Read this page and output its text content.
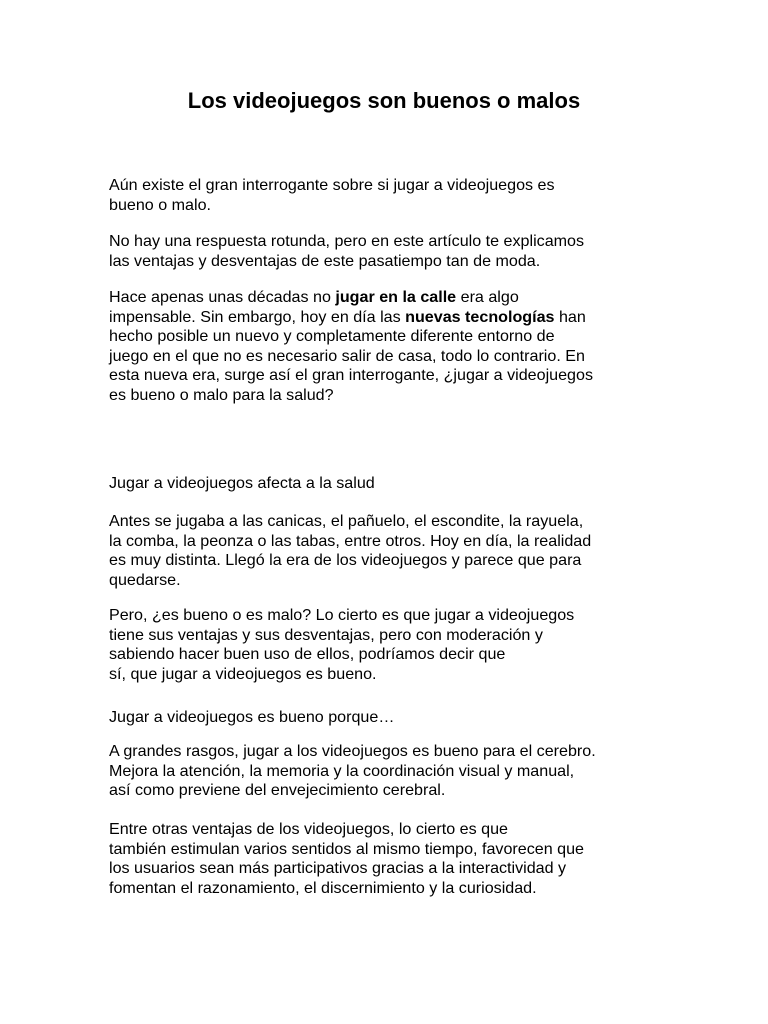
Los videojuegos son buenos o malos
Aún existe el gran interrogante sobre si jugar a videojuegos es
bueno o malo.
No hay una respuesta rotunda, pero en este artículo te explicamos
las ventajas y desventajas de este pasatiempo tan de moda.
Hace apenas unas décadas no jugar en la calle era algo
impensable. Sin embargo, hoy en día las nuevas tecnologías han
hecho posible un nuevo y completamente diferente entorno de
juego en el que no es necesario salir de casa, todo lo contrario. En
esta nueva era, surge así el gran interrogante, ¿jugar a videojuegos
es bueno o malo para la salud?
Jugar a videojuegos afecta a la salud
Antes se jugaba a las canicas, el pañuelo, el escondite, la rayuela,
la comba, la peonza o las tabas, entre otros. Hoy en día, la realidad
es muy distinta. Llegó la era de los videojuegos y parece que para
quedarse.
Pero, ¿es bueno o es malo? Lo cierto es que jugar a videojuegos
tiene sus ventajas y sus desventajas, pero con moderación y
sabiendo hacer buen uso de ellos, podríamos decir que
sí, que jugar a videojuegos es bueno.
Jugar a videojuegos es bueno porque…
A grandes rasgos, jugar a los videojuegos es bueno para el cerebro.
Mejora la atención, la memoria y la coordinación visual y manual,
así como previene del envejecimiento cerebral.
Entre otras ventajas de los videojuegos, lo cierto es que
también estimulan varios sentidos al mismo tiempo, favorecen que
los usuarios sean más participativos gracias a la interactividad y
fomentan el razonamiento, el discernimiento y la curiosidad.
